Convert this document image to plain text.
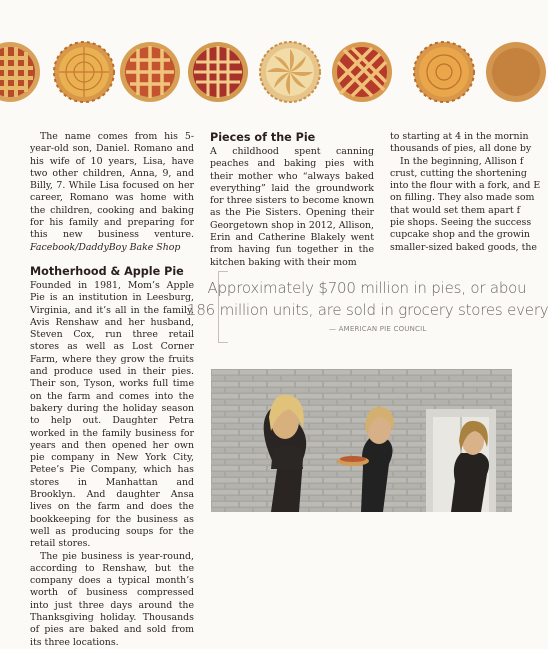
The name comes from his 5-year-old son, Daniel. Romano and his wife of 10 years, Lisa, have two other children, Anna, 9, and Billy, 7. While Lisa focused on her career, Romano was home with the children, cooking and baking for his family and preparing for this new business venture. Facebook/DaddyBoy Bake Shop

Motherhood & Apple Pie

Founded in 1981, Mom’s Apple Pie is an institution in Leesburg, Virginia, and it’s all in the family. Avis Renshaw and her husband, Steven Cox, run three retail stores as well as Lost Corner Farm, where they grow the fruits and produce used in their pies. Their son, Tyson, works full time on the farm and comes into the bakery during the holiday season to help out. Daughter Petra worked in the family business for years and then opened her own pie company in New York City, Petee’s Pie Company, which has stores in Manhattan and Brooklyn. And daughter Ansa lives on the farm and does the bookkeeping for the business as well as producing soups for the retail stores.

The pie business is year-round, according to Renshaw, but the company does a typical month’s worth of business compressed into just three days around the Thanksgiving holiday. Thousands of pies are baked and sold from its three locations.

Pieces of the Pie

A childhood spent canning peaches and baking pies with their mother who “always baked everything” laid the groundwork for three sisters to become known as the Pie Sisters. Opening their Georgetown shop in 2012, Allison, Erin and Catherine Blakely went from having fun together in the kitchen baking with their mom

to starting at 4 in the mornin

thousands of pies, all done by

In the beginning, Allison f

crust, cutting the shortening

into the flour with a fork, and E

on filling. They also made som

that would set them apart f

pie shops. Seeing the success

cupcake shop and the growin

smaller-sized baked goods, the

Approximately $700 million in pies, or abou
186 million units, are sold in grocery stores every
— AMERICAN PIE COUNCIL
